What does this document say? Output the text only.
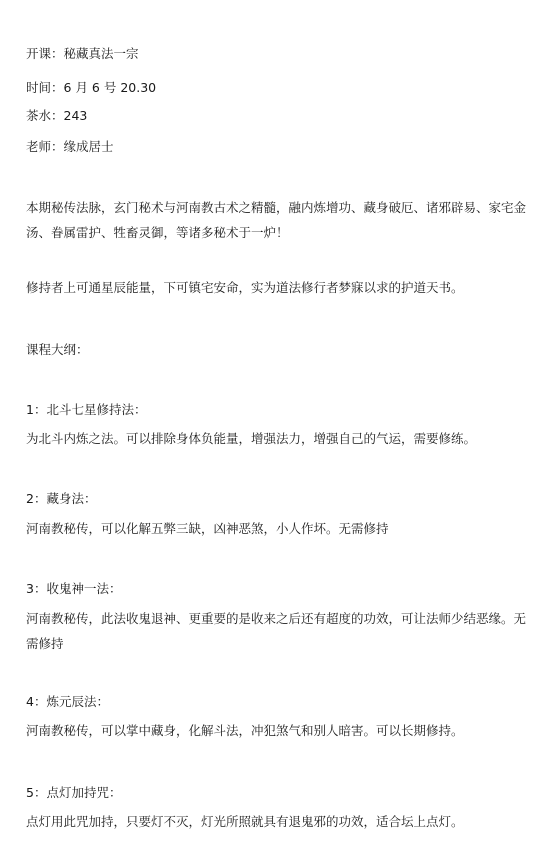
开课：秘藏真法一宗
时间：6 月 6 号 20.30
茶水：243
老师：缘成居士
本期秘传法脉，玄门秘术与河南教古术之精髓，融内炼增功、藏身破厄、诸邪辟易、家宅金汤、眷属雷护、牲畜灵御，等诸多秘术于一炉！
修持者上可通星辰能量，下可镇宅安命，实为道法修行者梦寐以求的护道天书。
课程大纲：
1：北斗七星修持法：
为北斗内炼之法。可以排除身体负能量，增强法力，增强自己的气运，需要修练。
2：藏身法：
河南教秘传，可以化解五弊三缺，凶神恶煞，小人作坏。无需修持
3：收鬼神一法：
河南教秘传，此法收鬼退神、更重要的是收来之后还有超度的功效，可让法师少结恶缘。无需修持
4：炼元辰法：
河南教秘传，可以掌中藏身，化解斗法，冲犯煞气和别人暗害。可以长期修持。
5：点灯加持咒：
点灯用此咒加持，只要灯不灭，灯光所照就具有退鬼邪的功效，适合坛上点灯。
